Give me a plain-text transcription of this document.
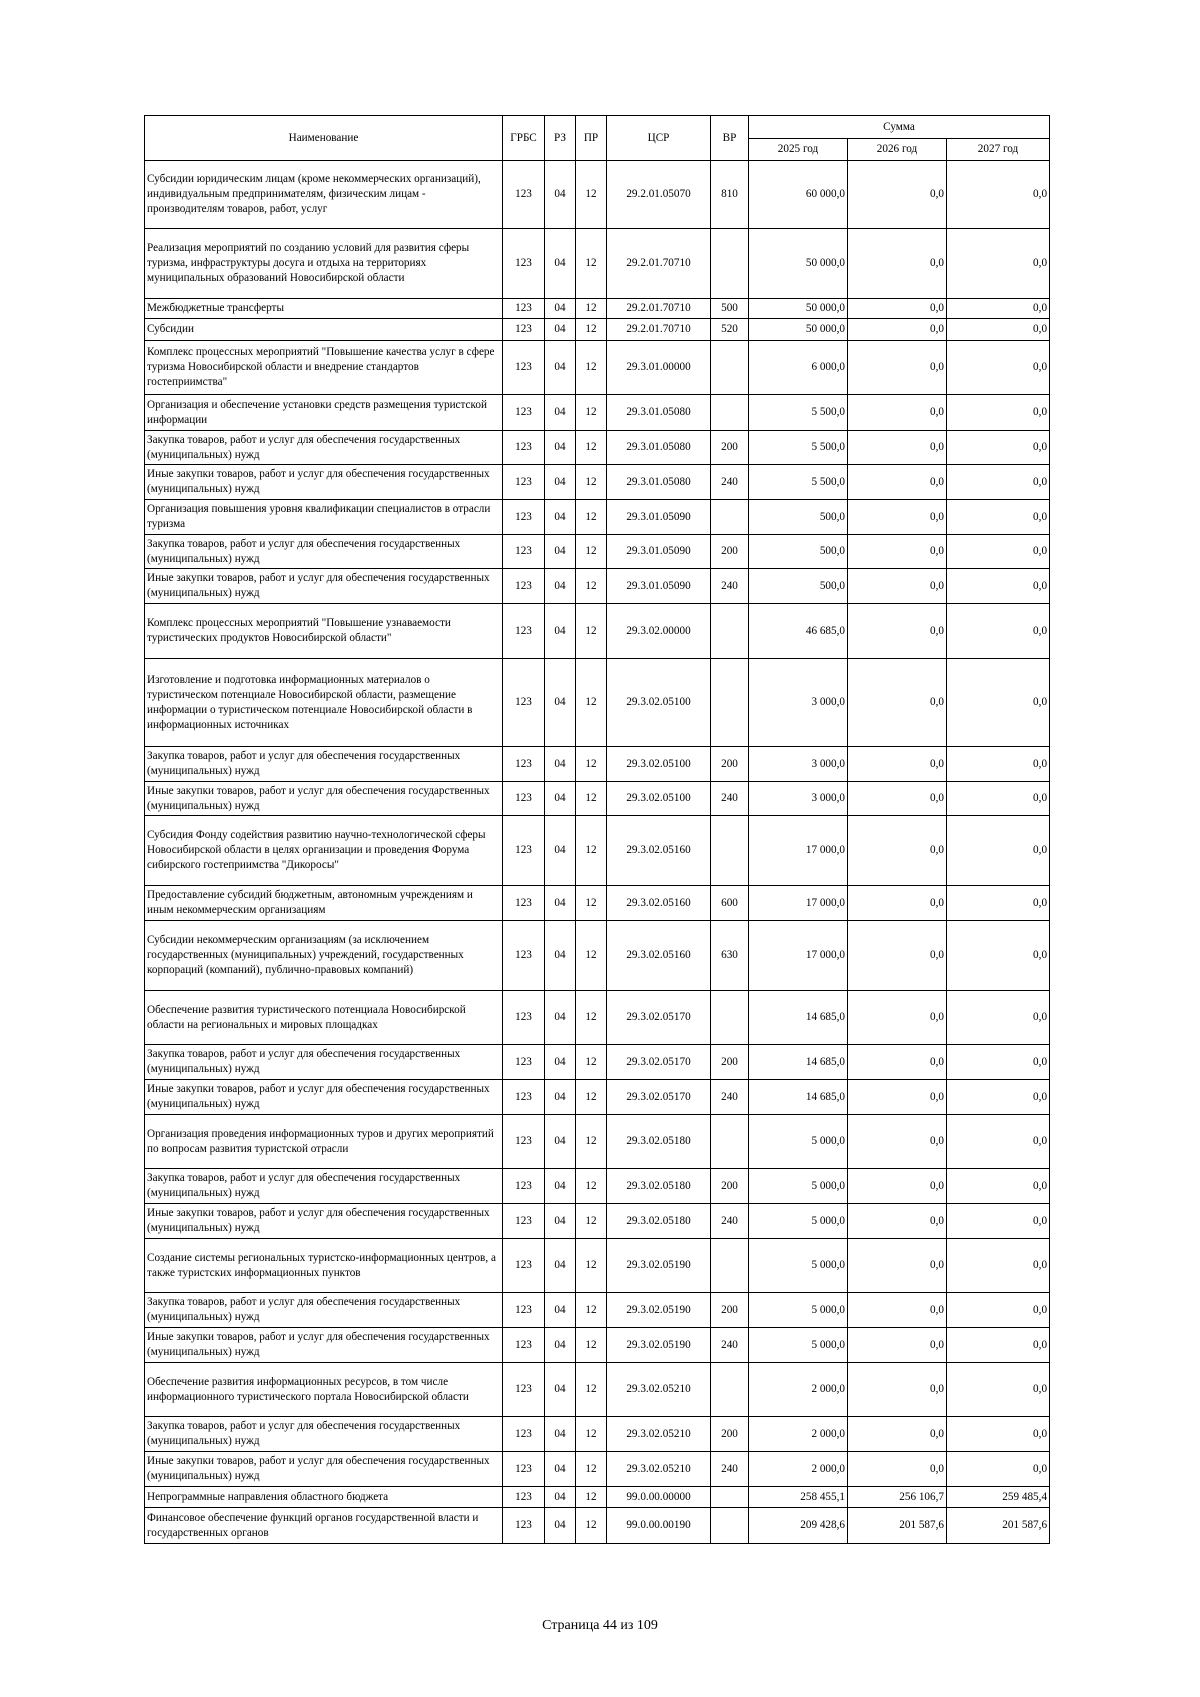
Наименование	ГРБС	РЗ	ПР	ЦСР	ВР	Сумма		
						2025 год	2026 год	2027 год
Субсидии юридическим лицам (кроме некоммерческих организаций), индивидуальным предпринимателям, физическим лицам - производителям товаров, работ, услуг	123	04	12	29.2.01.05070	810	60 000,0	0,0	0,0
Реализация мероприятий по созданию условий для развития сферы туризма, инфраструктуры досуга и отдыха на территориях муниципальных образований Новосибирской области	123	04	12	29.2.01.70710		50 000,0	0,0	0,0
Межбюджетные трансферты	123	04	12	29.2.01.70710	500	50 000,0	0,0	0,0
Субсидии	123	04	12	29.2.01.70710	520	50 000,0	0,0	0,0
Комплекс процессных мероприятий "Повышение качества услуг в сфере туризма Новосибирской области и внедрение стандартов гостеприимства"	123	04	12	29.3.01.00000		6 000,0	0,0	0,0
Организация и обеспечение установки средств размещения туристской информации	123	04	12	29.3.01.05080		5 500,0	0,0	0,0
Закупка товаров, работ и услуг для обеспечения государственных (муниципальных) нужд	123	04	12	29.3.01.05080	200	5 500,0	0,0	0,0
Иные закупки товаров, работ и услуг для обеспечения государственных (муниципальных) нужд	123	04	12	29.3.01.05080	240	5 500,0	0,0	0,0
Организация повышения уровня квалификации специалистов в отрасли туризма	123	04	12	29.3.01.05090		500,0	0,0	0,0
Закупка товаров, работ и услуг для обеспечения государственных (муниципальных) нужд	123	04	12	29.3.01.05090	200	500,0	0,0	0,0
Иные закупки товаров, работ и услуг для обеспечения государственных (муниципальных) нужд	123	04	12	29.3.01.05090	240	500,0	0,0	0,0
Комплекс процессных мероприятий "Повышение узнаваемости туристических продуктов Новосибирской области"	123	04	12	29.3.02.00000		46 685,0	0,0	0,0
Изготовление и подготовка информационных материалов о туристическом потенциале Новосибирской области, размещение информации о туристическом потенциале Новосибирской области в информационных источниках	123	04	12	29.3.02.05100		3 000,0	0,0	0,0
Закупка товаров, работ и услуг для обеспечения государственных (муниципальных) нужд	123	04	12	29.3.02.05100	200	3 000,0	0,0	0,0
Иные закупки товаров, работ и услуг для обеспечения государственных (муниципальных) нужд	123	04	12	29.3.02.05100	240	3 000,0	0,0	0,0
Субсидия Фонду содействия развитию научно-технологической сферы Новосибирской области в целях организации и проведения Форума сибирского гостеприимства "Дикоросы"	123	04	12	29.3.02.05160		17 000,0	0,0	0,0
Предоставление субсидий бюджетным, автономным учреждениям и иным некоммерческим организациям	123	04	12	29.3.02.05160	600	17 000,0	0,0	0,0
Субсидии некоммерческим организациям (за исключением государственных (муниципальных) учреждений, государственных корпораций (компаний), публично-правовых компаний)	123	04	12	29.3.02.05160	630	17 000,0	0,0	0,0
Обеспечение развития туристического потенциала Новосибирской области на региональных и мировых площадках	123	04	12	29.3.02.05170		14 685,0	0,0	0,0
Закупка товаров, работ и услуг для обеспечения государственных (муниципальных) нужд	123	04	12	29.3.02.05170	200	14 685,0	0,0	0,0
Иные закупки товаров, работ и услуг для обеспечения государственных (муниципальных) нужд	123	04	12	29.3.02.05170	240	14 685,0	0,0	0,0
Организация проведения информационных туров и других мероприятий по вопросам развития туристской отрасли	123	04	12	29.3.02.05180		5 000,0	0,0	0,0
Закупка товаров, работ и услуг для обеспечения государственных (муниципальных) нужд	123	04	12	29.3.02.05180	200	5 000,0	0,0	0,0
Иные закупки товаров, работ и услуг для обеспечения государственных (муниципальных) нужд	123	04	12	29.3.02.05180	240	5 000,0	0,0	0,0
Создание системы региональных туристско-информационных центров, а также туристских информационных пунктов	123	04	12	29.3.02.05190		5 000,0	0,0	0,0
Закупка товаров, работ и услуг для обеспечения государственных (муниципальных) нужд	123	04	12	29.3.02.05190	200	5 000,0	0,0	0,0
Иные закупки товаров, работ и услуг для обеспечения государственных (муниципальных) нужд	123	04	12	29.3.02.05190	240	5 000,0	0,0	0,0
Обеспечение развития информационных ресурсов, в том числе информационного туристического портала Новосибирской области	123	04	12	29.3.02.05210		2 000,0	0,0	0,0
Закупка товаров, работ и услуг для обеспечения государственных (муниципальных) нужд	123	04	12	29.3.02.05210	200	2 000,0	0,0	0,0
Иные закупки товаров, работ и услуг для обеспечения государственных (муниципальных) нужд	123	04	12	29.3.02.05210	240	2 000,0	0,0	0,0
Непрограммные направления областного бюджета	123	04	12	99.0.00.00000		258 455,1	256 106,7	259 485,4
Финансовое обеспечение функций органов государственной власти и государственных органов	123	04	12	99.0.00.00190		209 428,6	201 587,6	201 587,6
Страница 44 из 109
